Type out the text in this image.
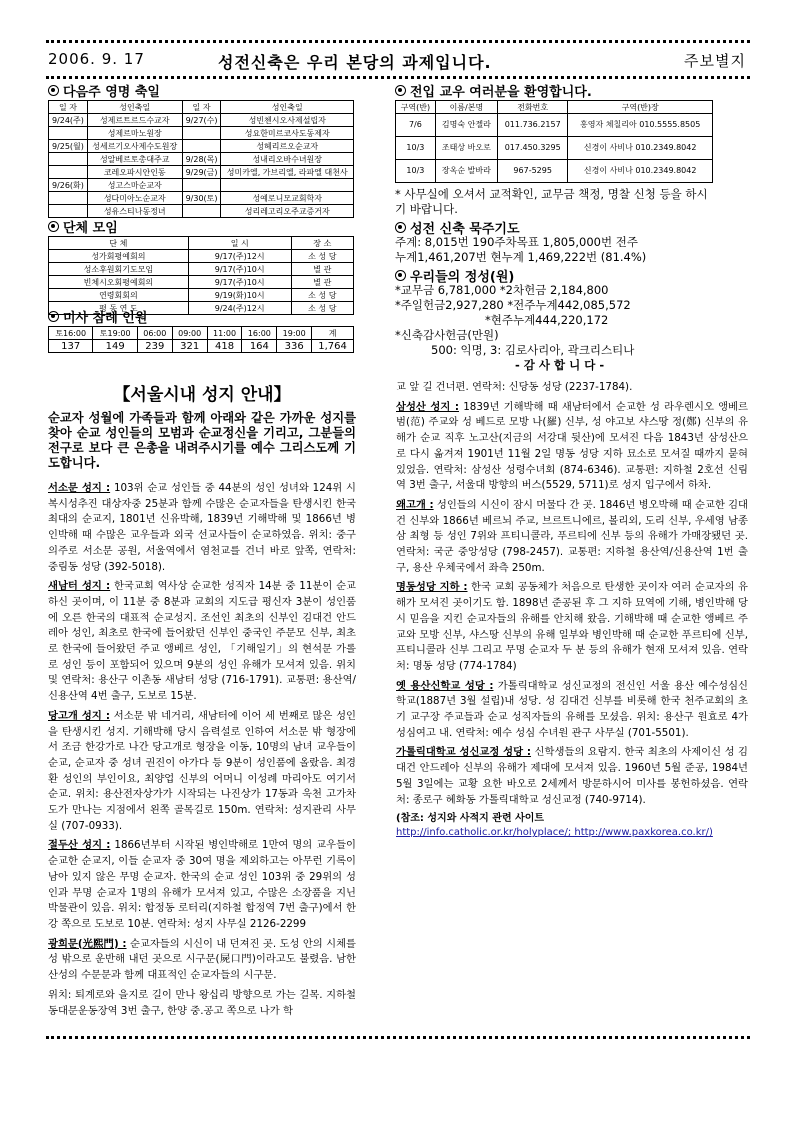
2006. 9. 17	성전신축은 우리 본당의 과제입니다.	주보별지
다음주 영명 축일
일 자	성인축일	일 자	성인축일
9/24(주)	성제르트르드수교자	9/27(수)	성빈첸시오사제설립자
	성제르마노원장		성요한미르코사도동제자
9/25(월)	성세르기오사제수도원장		성헤리르오순교자
	성알베르토총대주교	9/28(목)	성내리오바수녀원장
	코레오파시안인동	9/29(금)	성미카엘, 가브리엘, 라파엘 대천사
9/26(화)	성고스마순교자		
	성다미아노순교자	9/30(토)	성예로니모교회학자
	성유스티나동정녀		성리레고리오주교증거자
단체 모임
단 체	일 시	장 소
성가회평예회의	9/17(주)12시	소 성 당
성소후원회기도모임	9/17(주)10시	별 관
빈체시오회평예회의	9/17(주)10시	별 관
연령회회의	9/19(화)10시	소 성 당
평 동 연 도	9/24(주)12시	소 성 당
미사 참례 인원
토16:00	토19:00	06:00	09:00	11:00	16:00	19:00	계
137	149	239	321	418	164	336	1,764
전입 교우 여러분을 환영합니다.
구역(반)	이름/본명	전화번호	구역(반)장
7/6	김명숙 안젤라	011.736.2157	홍영자 체칠리아 010.5555.8505
10/3	조태상 바오로	017.450.3295	신경이 사비나 010.2349.8042
10/3	장옥순 발바라	967-5295	신경이 사비나 010.2349.8042
* 사무실에 오셔서 교적확인, 교무금 책정, 명찰 신청 등을 하시기 바랍니다.
성전 신축 묵주기도
주계: 8,015번 190주차목표 1,805,000번 전주
누계1,461,207번 현누계 1,469,222번 (81.4%)
우리들의 정성(원)
*교무금 6,781,000 *2차헌금 2,184,800
*주일헌금2,927,280 *전주누계442,085,572
*현주누계444,220,172
*신축감사헌금(만원)
500: 익명, 3: 김로사리아, 곽크리스티나
- 감 사 합 니 다 -
【서울시내 성지 안내】
순교자 성월에 가족들과 함께 아래와 같은 가까운 성지를 찾아 순교 성인들의 모범과 순교정신을 기리고, 그분들의 전구로 보다 큰 은총을 내려주시기를 예수 그리스도께 기도합니다.

서소문 성지 : 103위 순교 성인들 중 44분의 성인 성녀와 124위 시복시성추진 대상자중 25분과 함께 수많은 순교자들을 탄생시킨 한국 최대의 순교지, 1801년 신유박해, 1839년 기해박해 및 1866년 병인박해 때 수많은 교우들과 외국 선교사들이 순교하였음. 위치: 중구 의주로 서소문 공원, 서울역에서 염천교를 건너 바로 앞쪽, 연락처: 중림동 성당 (392-5018).

새남터 성지 : 한국교회 역사상 순교한 성직자 14분 중 11분이 순교하신 곳이며, 이 11분 중 8분과 교회의 지도급 평신자 3분이 성인품에 오른 한국의 대표적 순교성지. 조선인 최초의 신부인 김대건 안드레아 성인, 최초로 한국에 들어왔던 신부인 중국인 주문모 신부, 최초로 한국에 들어왔던 주교 앵베르 성인, 「기해일기」의 현석문 가롤로 성인 등이 포함되어 있으며 9분의 성인 유해가 모셔져 있음. 위치 및 연락처: 용산구 이촌동 새남터 성당 (716-1791). 교통편: 용산역/신용산역 4번 출구, 도보로 15분.

당고개 성지 : 서소문 밖 네거리, 새남터에 이어 세 번째로 많은 성인을 탄생시킨 성지. 기해박해 당시 음력설로 인하여 서소문 밖 형장에서 조금 한강가로 나간 당고개로 형장을 이동, 10명의 남녀 교우들이 순교, 순교자 중 성녀 권진이 아가다 등 9분이 성인품에 올랐음. 최경환 성인의 부인이요, 최양업 신부의 어머니 이성례 마리아도 여기서 순교. 위치: 용산전자상가가 시작되는 나진상가 17동과 욱천 고가차도가 만나는 지점에서 왼쪽 골목길로 150m. 연락처: 성지관리 사무실 (707-0933).

절두산 성지 : 1866년부터 시작된 병인박해로 1만여 명의 교우들이 순교한 순교지, 이들 순교자 중 30여 명을 제외하고는 아무런 기록이 남아 있지 않은 무명 순교자. 한국의 순교 성인 103위 중 29위의 성인과 무명 순교자 1명의 유해가 모셔져 있고, 수많은 소장품을 지닌 박물관이 있음. 위치: 합정동 로터리(지하철 합정역 7번 출구)에서 한강 쪽으로 도보로 10분. 연락처: 성지 사무실 2126-2299

광희문(光熙門) : 순교자들의 시신이 내 던져진 곳. 도성 안의 시체를 성 밖으로 운반해 내던 곳으로 시구문(屍口門)이라고도 불렸음. 남한산성의 수문문과 함께 대표적인 순교자들의 시구문.

위치: 퇴계로와 을지로 길이 만나 왕십리 방향으로 가는 길목. 지하철 동대문운동장역 3번 출구, 한양 중.공고 쪽으로 나가 학

교 앞 길 건너편. 연락처: 신당동 성당 (2237-1784).

삼성산 성지 : 1839년 기해박해 때 새남터에서 순교한 성 라우렌시오 앵베르 범(范) 주교와 성 베드로 모방 나(羅) 신부, 성 야고보 샤스땅 정(鄭) 신부의 유해가 순교 직후 노고산(지금의 서강대 뒷산)에 모셔진 다음 1843년 삼성산으로 다시 옮겨져 1901년 11월 2일 명동 성당 지하 묘소로 모셔질 때까지 묻혀 있었음. 연락처: 삼성산 성령수녀회 (874-6346). 교통편: 지하철 2호선 신림역 3번 출구, 서울대 방향의 버스(5529, 5711)로 성지 입구에서 하차.

왜고개 : 성인들의 시신이 잠시 머물다 간 곳. 1846년 병오박해 때 순교한 김대건 신부와 1866년 베르뇌 주교, 브르트니에르, 볼리외, 도리 신부, 우세영 남종삼 최형 등 성인 7위와 프티니콜라, 푸르티에 신부 등의 유해가 가매장됐던 곳. 연락처: 국군 중앙성당 (798-2457). 교통편: 지하철 용산역/신용산역 1번 출구, 용산 우체국에서 좌측 250m.

명동성당 지하 : 한국 교회 공동체가 처음으로 탄생한 곳이자 여러 순교자의 유해가 모셔진 곳이기도 함. 1898년 준공된 후 그 지하 묘역에 기해, 병인박해 당시 믿음을 지킨 순교자들의 유해를 안치해 왔음. 기해박해 때 순교한 앵베르 주교와 모방 신부, 샤스땅 신부의 유해 일부와 병인박해 때 순교한 푸르티에 신부, 프티니콜라 신부 그리고 무명 순교자 두 분 등의 유해가 현재 모셔져 있음. 연락처: 명동 성당 (774-1784)

옛 용산신학교 성당 : 가톨릭대학교 성신교정의 전신인 서울 용산 예수성심신학교(1887년 3월 설립)내 성당. 성 김대건 신부를 비롯해 한국 천주교회의 초기 교구장 주교들과 순교 성직자들의 유해를 모셨음. 위치: 용산구 원효로 4가 성심여고 내. 연락처: 예수 성심 수녀원 관구 사무실 (701-5501).

가톨릭대학교 성신교정 성당 : 신학생들의 요람지. 한국 최초의 사제이신 성 김대건 안드레아 신부의 유해가 제대에 모셔져 있음. 1960년 5월 준공, 1984년 5월 3일에는 교황 요한 바오로 2세께서 방문하시어 미사를 봉헌하셨음. 연락처: 종로구 혜화동 가톨릭대학교 성신교정 (740-9714).

(참조: 성지와 사적지 관련 사이트
http://info.catholic.or.kr/holyplace/; http://www.paxkorea.co.kr/)
